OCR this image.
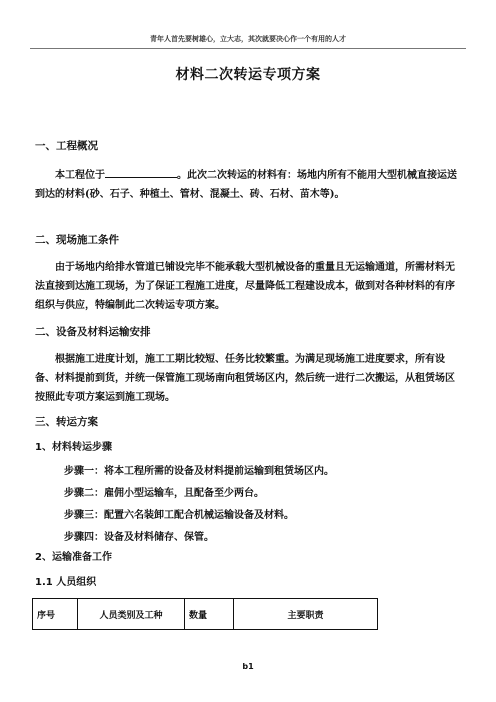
青年人首先要树雄心，立大志，其次就要决心作一个有用的人才
材料二次转运专项方案
一、工程概况
本工程位于	。此次二次转运的材料有：场地内所有不能用大型机械直接运送到达的材料(砂、石子、种植土、管材、混凝土、砖、石材、苗木等)。
二、现场施工条件
由于场地内给排水管道已铺设完毕不能承载大型机械设备的重量且无运输通道，所需材料无法直接到达施工现场，为了保证工程施工进度，尽量降低工程建设成本，做到对各种材料的有序组织与供应，特编制此二次转运专项方案。
二、设备及材料运输安排
根据施工进度计划，施工工期比较短、任务比较繁重。为满足现场施工进度要求，所有设备、材料提前到货，并统一保管施工现场南向租赁场区内，然后统一进行二次搬运，从租赁场区按照此专项方案运到施工现场。
三、转运方案
1、材料转运步骤
步骤一：将本工程所需的设备及材料提前运输到租赁场区内。
步骤二：雇佣小型运输车，且配备至少两台。
步骤三：配置六名装卸工配合机械运输设备及材料。
步骤四：设备及材料储存、保管。
2、运输准备工作
1.1 人员组织
序号	人员类别及工种	数量	主要职责
b1
